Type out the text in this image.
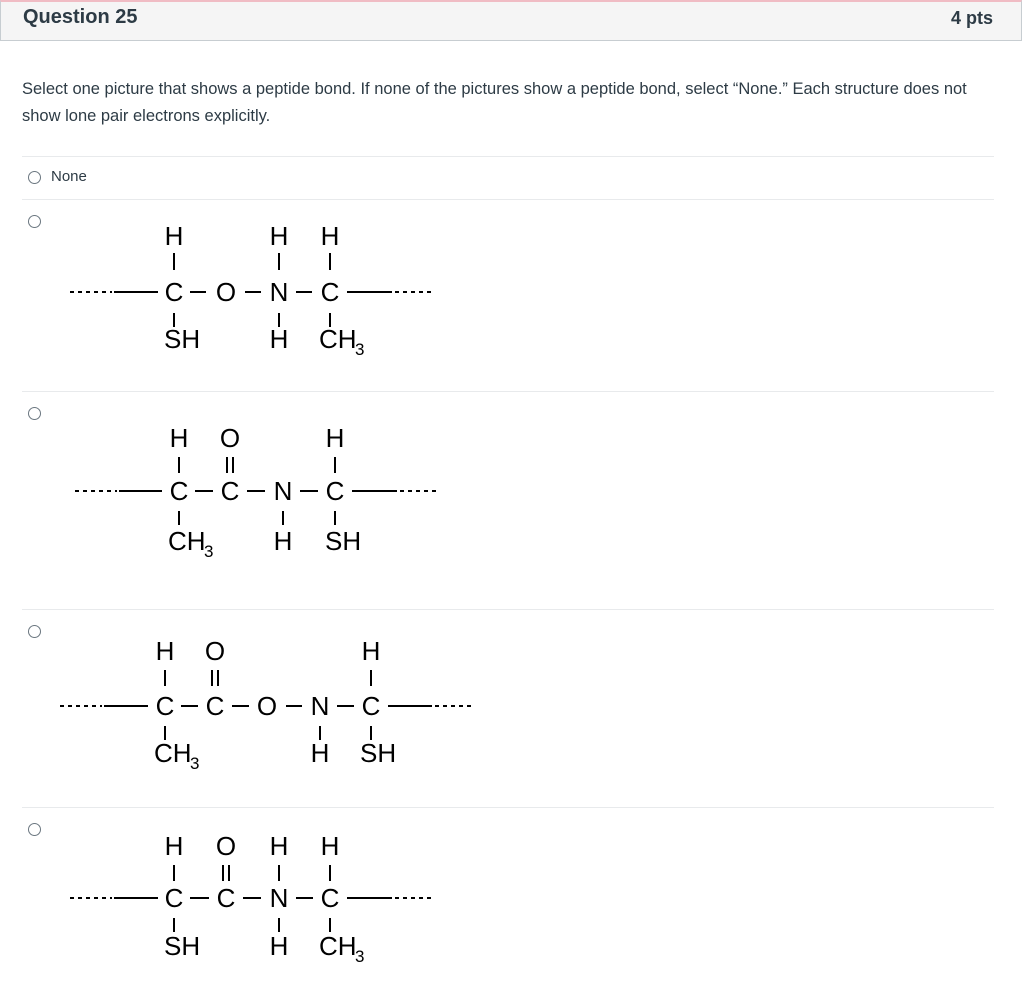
Question 25	4 pts
Select one picture that shows a peptide bond. If none of the pictures show a peptide bond, select “None.” Each structure does not show lone pair electrons explicitly.
None
H	H H
C O N C
SH	H CH
3
H O	H
C C N C
CH
3 H SH
H O	H
C C O N C
CH
3	H SH
H O H H
C C N C
SH	H CH
3
